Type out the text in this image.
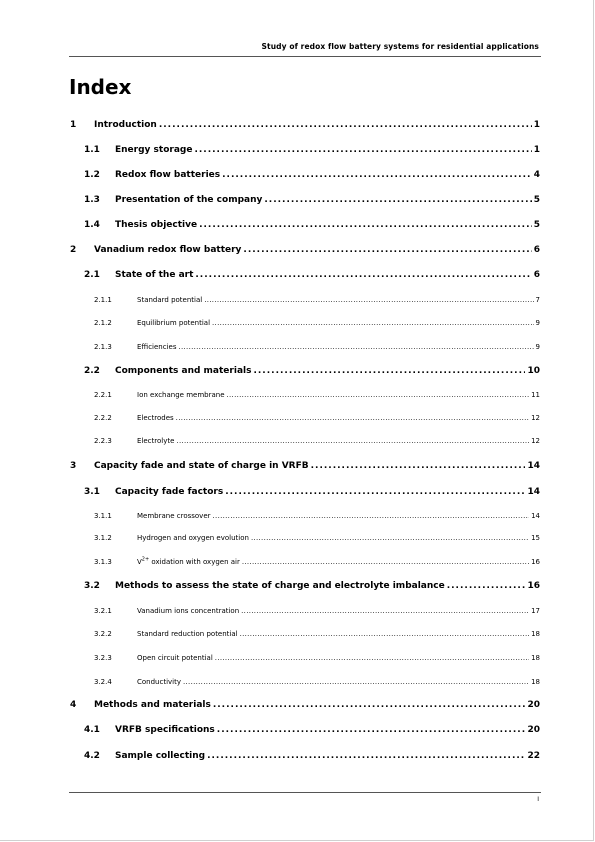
Study of redox flow battery systems for residential applications
Index
1	Introduction .....	1
1.1	Energy storage .....	1
1.2	Redox flow batteries .....	4
1.3	Presentation of the company .....	5
1.4	Thesis objective .....	5
2	Vanadium redox flow battery .....	6
2.1	State of the art .....	6
2.1.1	Standard potential .....	7
2.1.2	Equilibrium potential .....	9
2.1.3	Efficiencies .....	9
2.2	Components and materials .....	10
2.2.1	Ion exchange membrane .....	11
2.2.2	Electrodes .....	12
2.2.3	Electrolyte .....	12
3	Capacity fade and state of charge in VRFB .....	14
3.1	Capacity fade factors .....	14
3.1.1	Membrane crossover .....	14
3.1.2	Hydrogen and oxygen evolution .....	15
3.1.3	$V^{2+}$ oxidation with oxygen air .....	16
3.2	Methods to assess the state of charge and electrolyte imbalance .....	16
3.2.1	Vanadium ions concentration .....	17
3.2.2	Standard reduction potential .....	18
3.2.3	Open circuit potential .....	18
3.2.4	Conductivity .....	18
4	Methods and materials .....	20
4.1	VRFB specifications .....	20
4.2	Sample collecting .....	22
I
